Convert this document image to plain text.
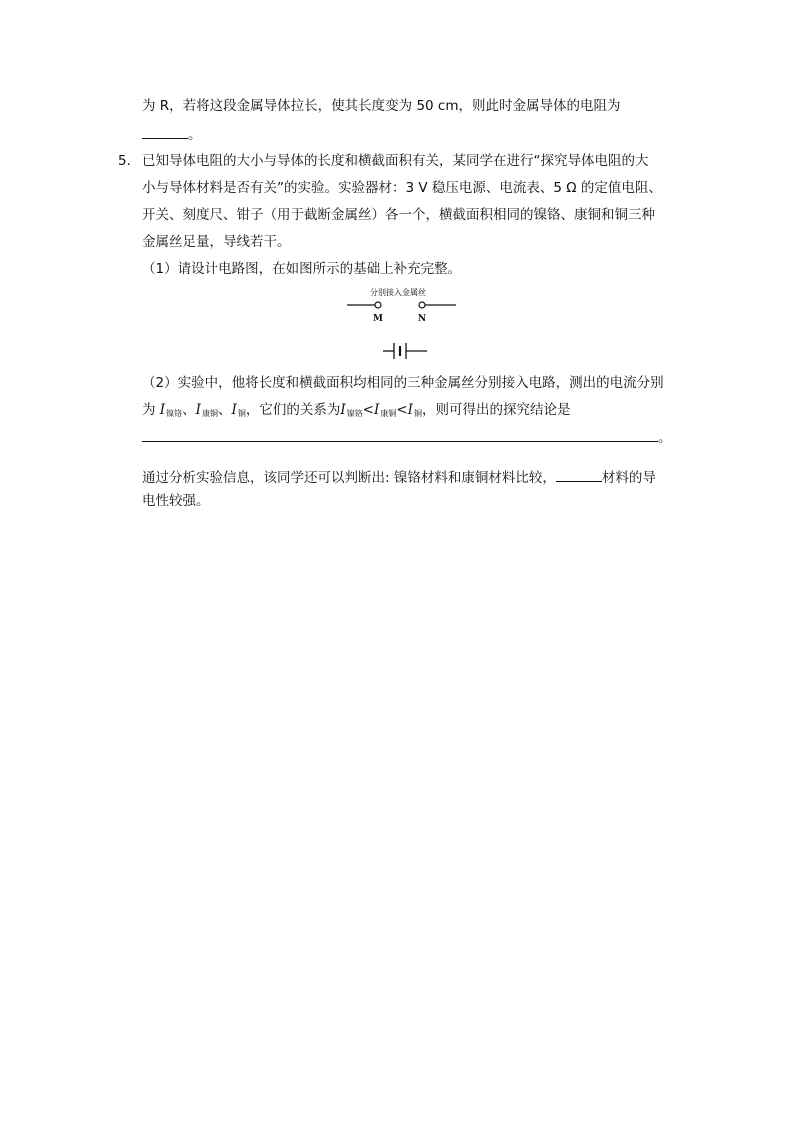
为 R，若将这段金属导体拉长，使其长度变为 50 cm，则此时金属导体的电阻为
。
5． 已知导体电阻的大小与导体的长度和横截面积有关，某同学在进行“探究导体电阻的大
小与导体材料是否有关”的实验。实验器材：3 V 稳压电源、电流表、5 Ω 的定值电阻、
开关、刻度尺、钳子（用于截断金属丝）各一个，横截面积相同的镍铬、康铜和铜三种
金属丝足量，导线若干。
（1）请设计电路图，在如图所示的基础上补充完整。
分别接入金属丝
M	N
（2）实验中，他将长度和横截面积均相同的三种金属丝分别接入电路，测出的电流分别
为 $I_{镍铬}$、$I_{康铜}$、$I_铜$，它们的关系为$I_{镍铬}<I_{康铜}<I_铜$，则可得出的探究结论是
。
通过分析实验信息，该同学还可以判断出: 镍铬材料和康铜材料比较，	材料的导
电性较强。
